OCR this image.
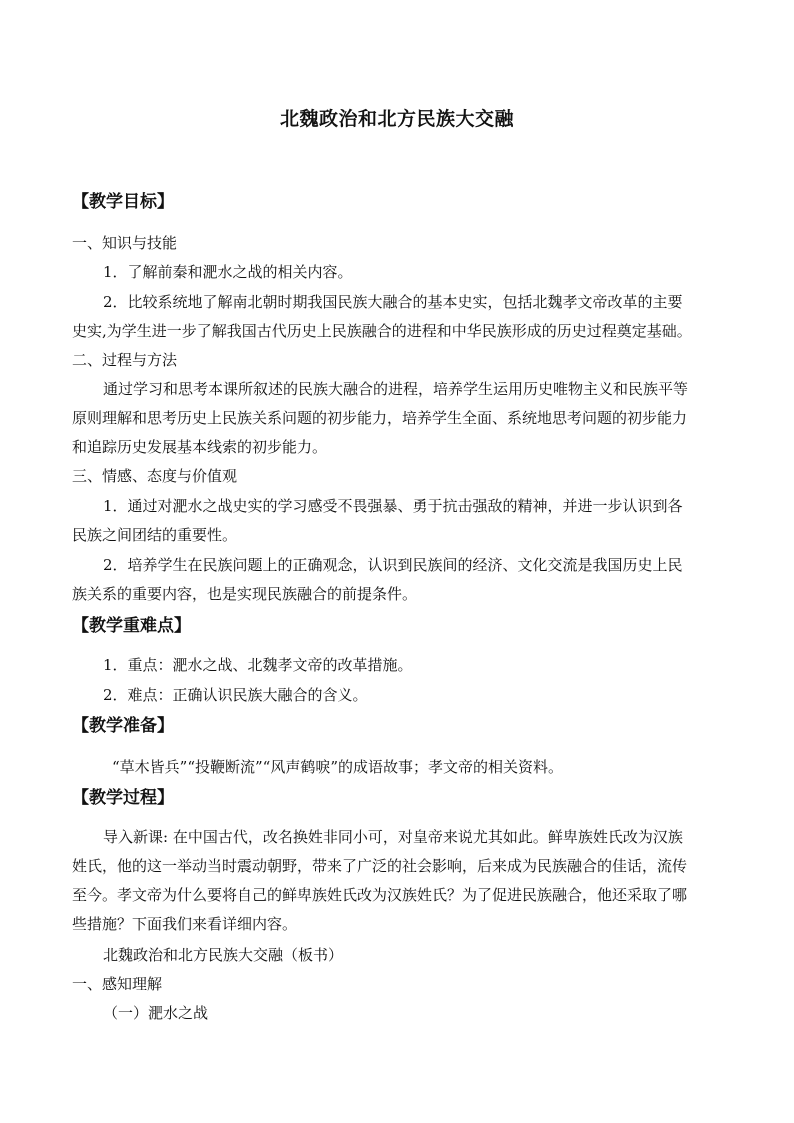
北魏政治和北方民族大交融
【教学目标】
一、知识与技能
1．了解前秦和淝水之战的相关内容。
2．比较系统地了解南北朝时期我国民族大融合的基本史实，包括北魏孝文帝改革的主要
史实,为学生进一步了解我国古代历史上民族融合的进程和中华民族形成的历史过程奠定基础。
二、过程与方法
通过学习和思考本课所叙述的民族大融合的进程，培养学生运用历史唯物主义和民族平等
原则理解和思考历史上民族关系问题的初步能力，培养学生全面、系统地思考问题的初步能力
和追踪历史发展基本线索的初步能力。
三、情感、态度与价值观
1．通过对淝水之战史实的学习感受不畏强暴、勇于抗击强敌的精神，并进一步认识到各
民族之间团结的重要性。
2．培养学生在民族问题上的正确观念，认识到民族间的经济、文化交流是我国历史上民
族关系的重要内容，也是实现民族融合的前提条件。
【教学重难点】
1．重点：淝水之战、北魏孝文帝的改革措施。
2．难点：正确认识民族大融合的含义。
【教学准备】
“草木皆兵”“投鞭断流”“风声鹤唳”的成语故事；孝文帝的相关资料。
【教学过程】
导入新课: 在中国古代，改名换姓非同小可，对皇帝来说尤其如此。鲜卑族姓氏改为汉族
姓氏，他的这一举动当时震动朝野，带来了广泛的社会影响，后来成为民族融合的佳话，流传
至今。孝文帝为什么要将自己的鲜卑族姓氏改为汉族姓氏？为了促进民族融合，他还采取了哪
些措施？下面我们来看详细内容。
北魏政治和北方民族大交融（板书）
一、感知理解
（一）淝水之战
